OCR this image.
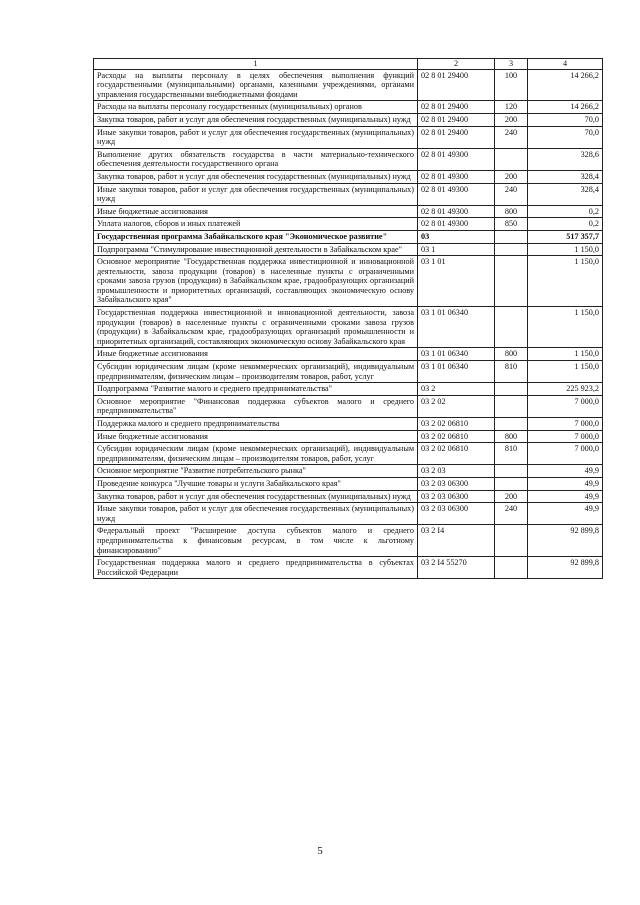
1	2	3	4
Расходы на выплаты персоналу в целях обеспечения выполнения функций государственными (муниципальными) органами, казенными учреждениями, органами управления государственными внебюджетными фондами	02 8 01 29400	100	14 266,2
Расходы на выплаты персоналу государственных (муниципальных) органов	02 8 01 29400	120	14 266,2
Закупка товаров, работ и услуг для обеспечения государственных (муниципальных) нужд	02 8 01 29400	200	70,0
Иные закупки товаров, работ и услуг для обеспечения государственных (муниципальных) нужд	02 8 01 29400	240	70,0
Выполнение других обязательств государства в части материально-технического обеспечения деятельности государственного органа	02 8 01 49300		328,6
Закупка товаров, работ и услуг для обеспечения государственных (муниципальных) нужд	02 8 01 49300	200	328,4
Иные закупки товаров, работ и услуг для обеспечения государственных (муниципальных) нужд	02 8 01 49300	240	328,4
Иные бюджетные ассигнования	02 8 01 49300	800	0,2
Уплата налогов, сборов и иных платежей	02 8 01 49300	850	0,2
Государственная программа Забайкальского края "Экономическое развитие"	03		517 357,7
Подпрограмма "Стимулирование инвестиционной деятельности в Забайкальском крае"	03 1		1 150,0
Основное мероприятие "Государственная поддержка инвестиционной и инновационной деятельности, завоза продукции (товаров) в населенные пункты с ограниченными сроками завоза грузов (продукции) в Забайкальском крае, градообразующих организаций промышленности и приоритетных организаций, составляющих экономическую основу Забайкальского края"	03 1 01		1 150,0
Государственная поддержка инвестиционной и инновационной деятельности, завоза продукции (товаров) в населенные пункты с ограниченными сроками завоза грузов (продукции) в Забайкальском крае, градообразующих организаций промышленности и приоритетных организаций, составляющих экономическую основу Забайкальского края	03 1 01 06340		1 150,0
Иные бюджетные ассигнования	03 1 01 06340	800	1 150,0
Субсидии юридическим лицам (кроме некоммерческих организаций), индивидуальным предпринимателям, физическим лицам – производителям товаров, работ, услуг	03 1 01 06340	810	1 150,0
Подпрограмма "Развитие малого и среднего предпринимательства"	03 2		225 923,2
Основное мероприятие "Финансовая поддержка субъектов малого и среднего предпринимательства"	03 2 02		7 000,0
Поддержка малого и среднего предпринимательства	03 2 02 06810		7 000,0
Иные бюджетные ассигнования	03 2 02 06810	800	7 000,0
Субсидии юридическим лицам (кроме некоммерческих организаций), индивидуальным предпринимателям, физическим лицам – производителям товаров, работ, услуг	03 2 02 06810	810	7 000,0
Основное мероприятие "Развитие потребительского рынка"	03 2 03		49,9
Проведение конкурса "Лучшие товары и услуги Забайкальского края"	03 2 03 06300		49,9
Закупка товаров, работ и услуг для обеспечения государственных (муниципальных) нужд	03 2 03 06300	200	49,9
Иные закупки товаров, работ и услуг для обеспечения государственных (муниципальных) нужд	03 2 03 06300	240	49,9
Федеральный проект "Расширение доступа субъектов малого и среднего предпринимательства к финансовым ресурсам, в том числе к льготному финансированию"	03 2 I4		92 899,8
Государственная поддержка малого и среднего предпринимательства в субъектах Российской Федерации	03 2 I4 55270		92 899,8
5
